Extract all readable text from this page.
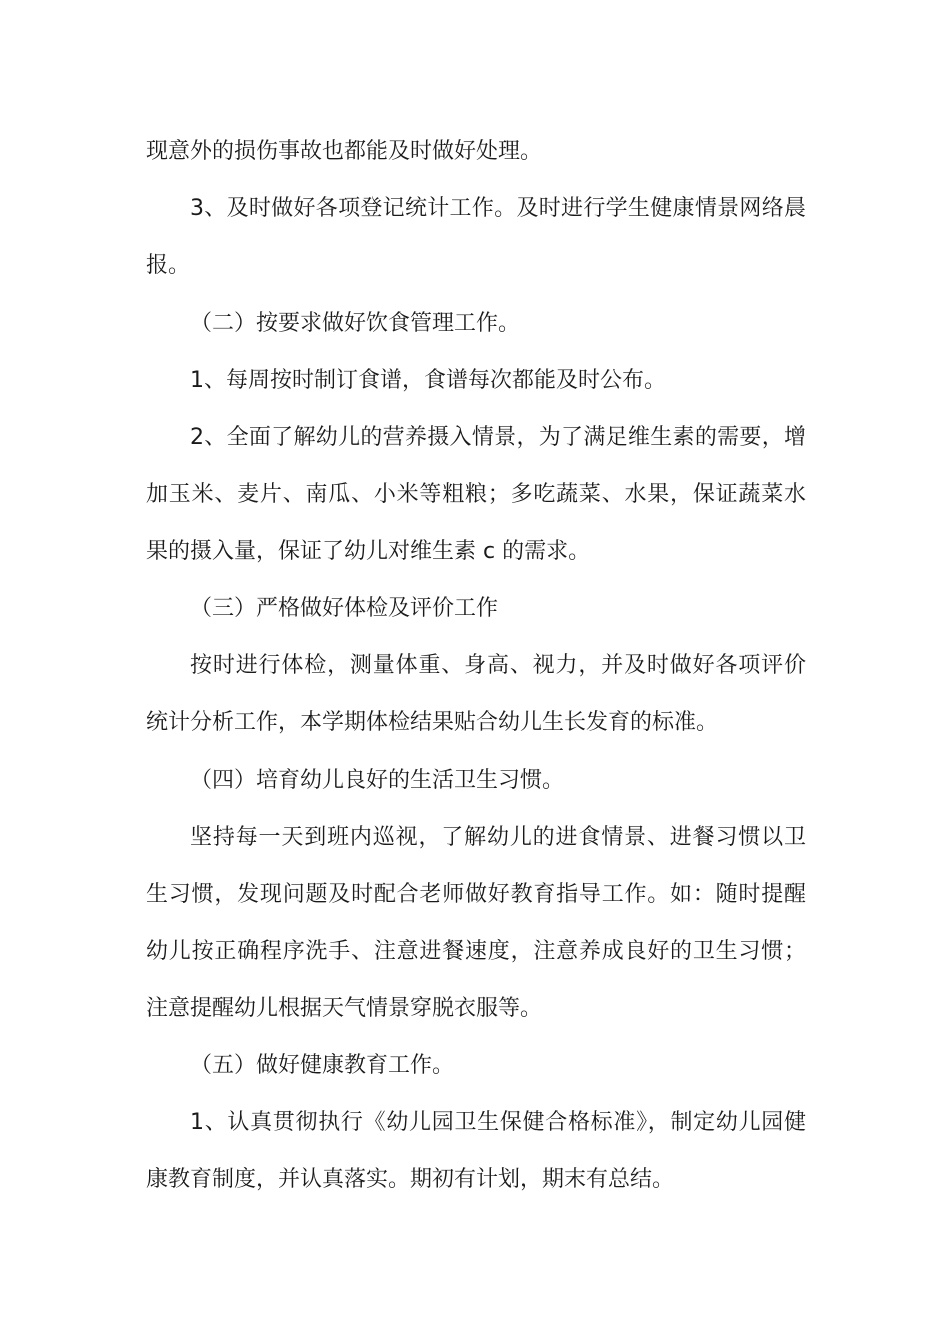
现意外的损伤事故也都能及时做好处理。
3、及时做好各项登记统计工作。及时进行学生健康情景网络晨
报。
（二）按要求做好饮食管理工作。
1、每周按时制订食谱，食谱每次都能及时公布。
2、全面了解幼儿的营养摄入情景，为了满足维生素的需要，增
加玉米、麦片、南瓜、小米等粗粮；多吃蔬菜、水果，保证蔬菜水
果的摄入量，保证了幼儿对维生素 c 的需求。
（三）严格做好体检及评价工作
按时进行体检，测量体重、身高、视力，并及时做好各项评价
统计分析工作，本学期体检结果贴合幼儿生长发育的标准。
（四）培育幼儿良好的生活卫生习惯。
坚持每一天到班内巡视，了解幼儿的进食情景、进餐习惯以卫
生习惯，发现问题及时配合老师做好教育指导工作。如：随时提醒
幼儿按正确程序洗手、注意进餐速度，注意养成良好的卫生习惯；
注意提醒幼儿根据天气情景穿脱衣服等。
（五）做好健康教育工作。
1、认真贯彻执行《幼儿园卫生保健合格标准》，制定幼儿园健
康教育制度，并认真落实。期初有计划，期末有总结。
